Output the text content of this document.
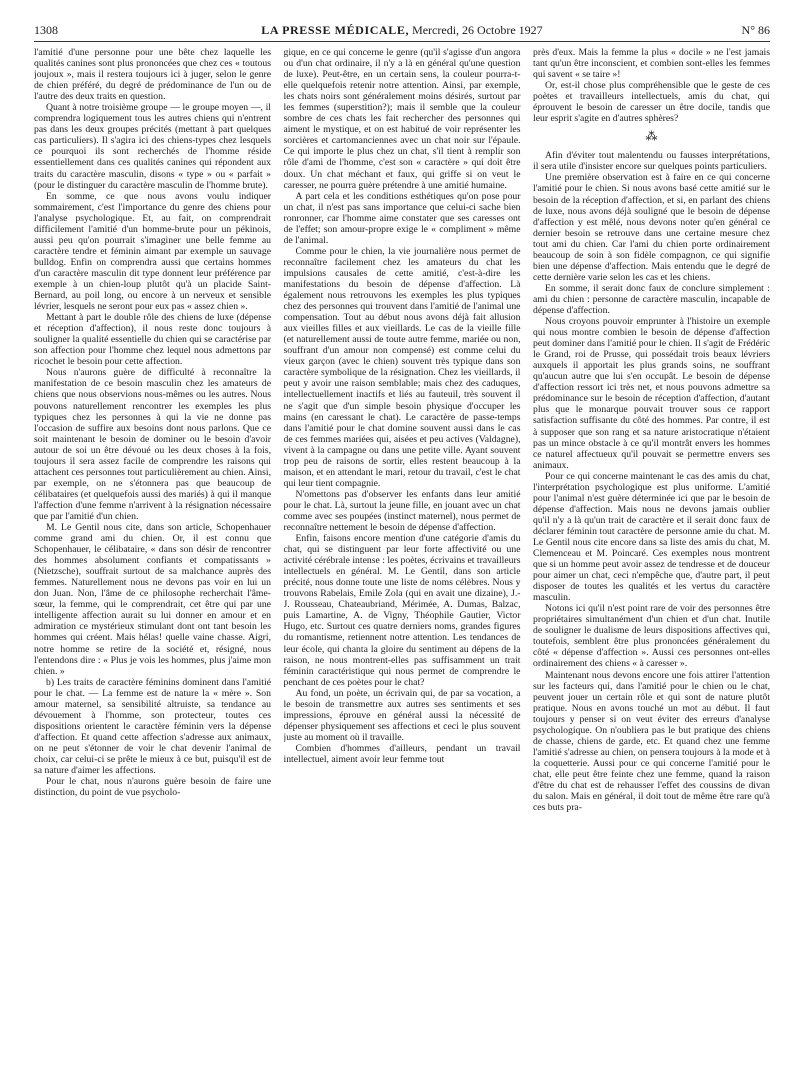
1308	LA PRESSE MÉDICALE, Mercredi, 26 Octobre 1927	N° 86

l'amitié d'une personne pour une bête chez laquelle les qualités canines sont plus prononcées que chez ces « toutous joujoux », mais il restera toujours ici à juger, selon le genre de chien préféré, du degré de prédominance de l'un ou de l'autre des deux traits en question.

Quant à notre troisième groupe — le groupe moyen —, il comprendra logiquement tous les autres chiens qui n'entrent pas dans les deux groupes précités (mettant à part quelques cas particuliers). Il s'agira ici des chiens-types chez lesquels ce pourquoi ils sont recherchés de l'homme réside essentiellement dans ces qualités canines qui répondent aux traits du caractère masculin, disons « type » ou « parfait » (pour le distinguer du caractère masculin de l'homme brute).

En somme, ce que nous avons voulu indiquer sommairement, c'est l'importance du genre des chiens pour l'analyse psychologique. Et, au fait, on comprendrait difficilement l'amitié d'un homme-brute pour un pékinois, aussi peu qu'on pourrait s'imaginer une belle femme au caractère tendre et féminin aimant par exemple un sauvage bulldog. Enfin on comprendra aussi que certains hommes d'un caractère masculin dit type donnent leur préférence par exemple à un chien-loup plutôt qu'à un placide Saint-Bernard, au poil long, ou encore à un nerveux et sensible lévrier, lesquels ne seront pour eux pas « assez chien ».

Mettant à part le double rôle des chiens de luxe (dépense et réception d'affection), il nous reste donc toujours à souligner la qualité essentielle du chien qui se caractérise par son affection pour l'homme chez lequel nous admettons par ricochet le besoin pour cette affection.

Nous n'aurons guère de difficulté à reconnaître la manifestation de ce besoin masculin chez les amateurs de chiens que nous observions nous-mêmes ou les autres. Nous pouvons naturellement rencontrer les exemples les plus typiques chez les personnes à qui la vie ne donne pas l'occasion de suffire aux besoins dont nous parlons. Que ce soit maintenant le besoin de dominer ou le besoin d'avoir autour de soi un être dévoué ou les deux choses à la fois, toujours il sera assez facile de comprendre les raisons qui attachent ces personnes tout particulièrement au chien. Ainsi, par exemple, on ne s'étonnera pas que beaucoup de célibataires (et quelquefois aussi des mariés) à qui il manque l'affection d'une femme n'arrivent à la résignation nécessaire que par l'amitié d'un chien.

M. Le Gentil nous cite, dans son article, Schopenhauer comme grand ami du chien. Or, il est connu que Schopenhauer, le célibataire, « dans son désir de rencontrer des hommes absolument confiants et compatissants » (Nietzsche), souffrait surtout de sa malchance auprès des femmes. Naturellement nous ne devons pas voir en lui un don Juan. Non, l'âme de ce philosophe recherchait l'âme-sœur, la femme, qui le comprendrait, cet être qui par une intelligente affection aurait su lui donner en amour et en admiration ce mystérieux stimulant dont ont tant besoin les hommes qui créent. Mais hélas! quelle vaine chasse. Aigri, notre homme se retire de la société et, résigné, nous l'entendons dire : « Plus je vois les hommes, plus j'aime mon chien. »

b) Les traits de caractère féminins dominent dans l'amitié pour le chat. — La femme est de nature la « mère ». Son amour maternel, sa sensibilité altruiste, sa tendance au dévouement à l'homme, son protecteur, toutes ces dispositions orientent le caractère féminin vers la dépense d'affection. Et quand cette affection s'adresse aux animaux, on ne peut s'étonner de voir le chat devenir l'animal de choix, car celui-ci se prête le mieux à ce but, puisqu'il est de sa nature d'aimer les affections.

Pour le chat, nous n'aurons guère besoin de faire une distinction, du point de vue psycholo-

gique, en ce qui concerne le genre (qu'il s'agisse d'un angora ou d'un chat ordinaire, il n'y a là en général qu'une question de luxe). Peut-être, en un certain sens, la couleur pourra-t-elle quelquefois retenir notre attention. Ainsi, par exemple, les chats noirs sont généralement moins désirés, surtout par les femmes (superstition?); mais il semble que la couleur sombre de ces chats les fait rechercher des personnes qui aiment le mystique, et on est habitué de voir représenter les sorcières et cartomanciennes avec un chat noir sur l'épaule. Ce qui importe le plus chez un chat, s'il tient à remplir son rôle d'ami de l'homme, c'est son « caractère » qui doit être doux. Un chat méchant et faux, qui griffe si on veut le caresser, ne pourra guère prétendre à une amitié humaine.

A part cela et les conditions esthétiques qu'on pose pour un chat, il n'est pas sans importance que celui-ci sache bien ronronner, car l'homme aime constater que ses caresses ont de l'effet; son amour-propre exige le « compliment » même de l'animal.

Comme pour le chien, la vie journalière nous permet de reconnaître facilement chez les amateurs du chat les impulsions causales de cette amitié, c'est-à-dire les manifestations du besoin de dépense d'affection. Là également nous retrouvons les exemples les plus typiques chez des personnes qui trouvent dans l'amitié de l'animal une compensation. Tout au début nous avons déjà fait allusion aux vieilles filles et aux vieillards. Le cas de la vieille fille (et naturellement aussi de toute autre femme, mariée ou non, souffrant d'un amour non compensé) est comme celui du vieux garçon (avec le chien) souvent très typique dans son caractère symbolique de la résignation. Chez les vieillards, il peut y avoir une raison semblable; mais chez des caduques, intellectuellement inactifs et liés au fauteuil, très souvent il ne s'agit que d'un simple besoin physique d'occuper les mains (en caressant le chat). Le caractère de passe-temps dans l'amitié pour le chat domine souvent aussi dans le cas de ces femmes mariées qui, aisées et peu actives (Valdagne), vivent à la campagne ou dans une petite ville. Ayant souvent trop peu de raisons de sortir, elles restent beaucoup à la maison, et en attendant le mari, retour du travail, c'est le chat qui leur tient compagnie.

N'omettons pas d'observer les enfants dans leur amitié pour le chat. Là, surtout la jeune fille, en jouant avec un chat comme avec ses poupées (instinct maternel), nous permet de reconnaître nettement le besoin de dépense d'affection.

Enfin, faisons encore mention d'une catégorie d'amis du chat, qui se distinguent par leur forte affectivité ou une activité cérébrale intense : les poètes, écrivains et travailleurs intellectuels en général. M. Le Gentil, dans son article précité, nous donne toute une liste de noms célèbres. Nous y trouvons Rabelais, Emile Zola (qui en avait une dizaine), J.-J. Rousseau, Chateaubriand, Mérimée, A. Dumas, Balzac, puis Lamartine, A. de Vigny, Théophile Gautier, Victor Hugo, etc. Surtout ces quatre derniers noms, grandes figures du romantisme, retiennent notre attention. Les tendances de leur école, qui chanta la gloire du sentiment au dépens de la raison, ne nous montrent-elles pas suffisamment un trait féminin caractéristique qui nous permet de comprendre le penchant de ces poètes pour le chat?

Au fond, un poète, un écrivain qui, de par sa vocation, a le besoin de transmettre aux autres ses sentiments et ses impressions, éprouve en général aussi la nécessité de dépenser physiquement ses affections et ceci le plus souvent juste au moment où il travaille.

Combien d'hommes d'ailleurs, pendant un travail intellectuel, aiment avoir leur femme tout

près d'eux. Mais la femme la plus « docile » ne l'est jamais tant qu'un être inconscient, et combien sont-elles les femmes qui savent « se taire »!

Or, est-il chose plus compréhensible que le geste de ces poètes et travailleurs intellectuels, amis du chat, qui éprouvent le besoin de caresser un être docile, tandis que leur esprit s'agite en d'autres sphères?

⁂

Afin d'éviter tout malentendu ou fausses interprétations, il sera utile d'insister encore sur quelques points particuliers.

Une première observation est à faire en ce qui concerne l'amitié pour le chien. Si nous avons basé cette amitié sur le besoin de la réception d'affection, et si, en parlant des chiens de luxe, nous avons déjà souligné que le besoin de dépense d'affection y est mêlé, nous devons noter qu'en général ce dernier besoin se retrouve dans une certaine mesure chez tout ami du chien. Car l'ami du chien porte ordinairement beaucoup de soin à son fidèle compagnon, ce qui signifie bien une dépense d'affection. Mais entendu que le degré de cette dernière varie selon les cas et les chiens.

En somme, il serait donc faux de conclure simplement : ami du chien : personne de caractère masculin, incapable de dépense d'affection.

Nous croyons pouvoir emprunter à l'histoire un exemple qui nous montre combien le besoin de dépense d'affection peut dominer dans l'amitié pour le chien. Il s'agit de Frédéric le Grand, roi de Prusse, qui possédait trois beaux lévriers auxquels il apportait les plus grands soins, ne souffrant qu'aucun autre que lui s'en occupât. Le besoin de dépense d'affection ressort ici très net, et nous pouvons admettre sa prédominance sur le besoin de réception d'affection, d'autant plus que le monarque pouvait trouver sous ce rapport satisfaction suffisante du côté des hommes. Par contre, il est à supposer que son rang et sa nature aristocratique n'étaient pas un mince obstacle à ce qu'il montrât envers les hommes ce naturel affectueux qu'il pouvait se permettre envers ses animaux.

Pour ce qui concerne maintenant le cas des amis du chat, l'interprétation psychologique est plus uniforme. L'amitié pour l'animal n'est guère déterminée ici que par le besoin de dépense d'affection. Mais nous ne devons jamais oublier qu'il n'y a là qu'un trait de caractère et il serait donc faux de déclarer féminin tout caractère de personne amie du chat. M. Le Gentil nous cite encore dans sa liste des amis du chat, M. Clemenceau et M. Poincaré. Ces exemples nous montrent que si un homme peut avoir assez de tendresse et de douceur pour aimer un chat, ceci n'empêche que, d'autre part, il peut disposer de toutes les qualités et les vertus du caractère masculin.

Notons ici qu'il n'est point rare de voir des personnes être propriétaires simultanément d'un chien et d'un chat. Inutile de souligner le dualisme de leurs dispositions affectives qui, toutefois, semblent être plus prononcées généralement du côté « dépense d'affection ». Aussi ces personnes ont-elles ordinairement des chiens « à caresser ».

Maintenant nous devons encore une fois attirer l'attention sur les facteurs qui, dans l'amitié pour le chien ou le chat, peuvent jouer un certain rôle et qui sont de nature plutôt pratique. Nous en avons touché un mot au début. Il faut toujours y penser si on veut éviter des erreurs d'analyse psychologique. On n'oubliera pas le but pratique des chiens de chasse, chiens de garde, etc. Et quand chez une femme l'amitié s'adresse au chien, on pensera toujours à la mode et à la coquetterie. Aussi pour ce qui concerne l'amitié pour le chat, elle peut être feinte chez une femme, quand la raison d'être du chat est de rehausser l'effet des coussins de divan du salon. Mais en général, il doit tout de même être rare qu'à ces buts pra-
